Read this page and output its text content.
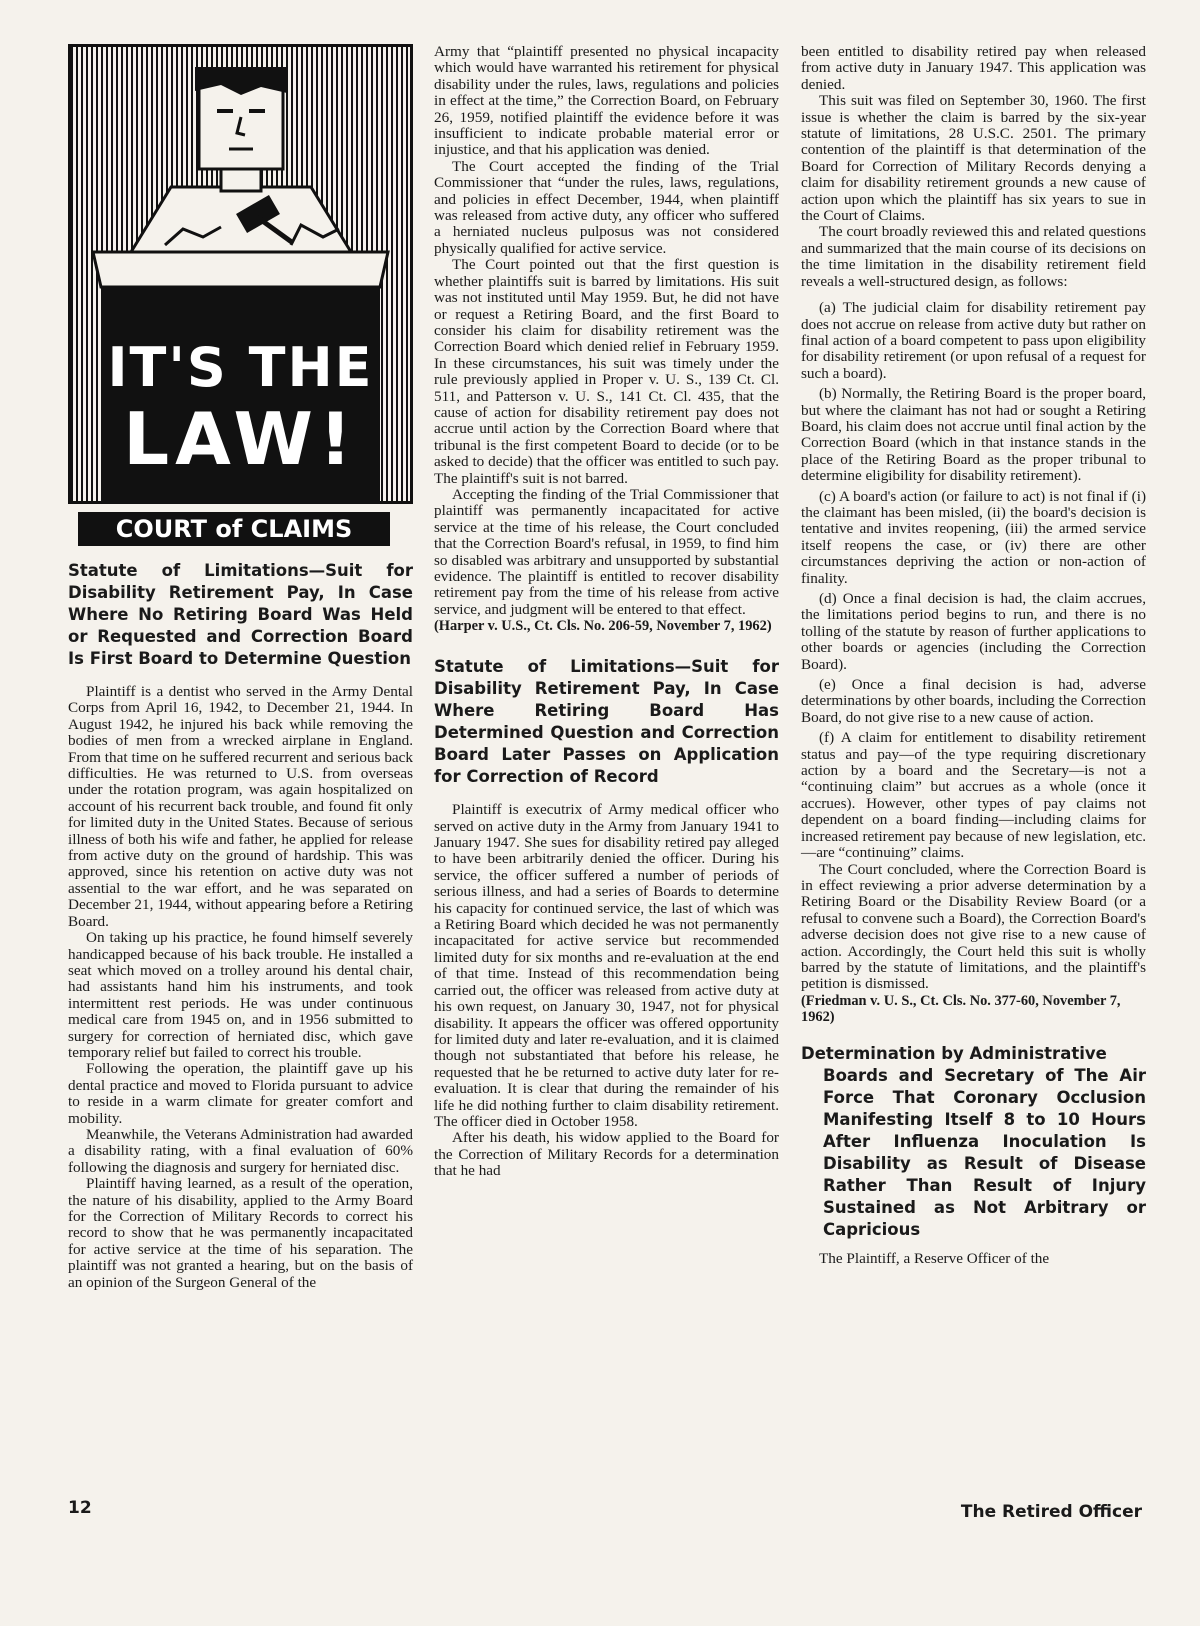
IT'S THE
LAW!
COURT of CLAIMS

Statute of Limitations—Suit for Disability Retirement Pay, In Case Where No Retiring Board Was Held or Requested and Correction Board Is First Board to Determine Question

Plaintiff is a dentist who served in the Army Dental Corps from April 16, 1942, to December 21, 1944. In August 1942, he injured his back while removing the bodies of men from a wrecked airplane in England. From that time on he suffered recurrent and serious back difficulties. He was returned to U.S. from overseas under the rotation program, was again hospitalized on account of his recurrent back trouble, and found fit only for limited duty in the United States. Because of serious illness of both his wife and father, he applied for release from active duty on the ground of hardship. This was approved, since his retention on active duty was not assential to the war effort, and he was separated on December 21, 1944, without appearing before a Retiring Board.

On taking up his practice, he found himself severely handicapped because of his back trouble. He installed a seat which moved on a trolley around his dental chair, had assistants hand him his instruments, and took intermittent rest periods. He was under continuous medical care from 1945 on, and in 1956 submitted to surgery for correction of herniated disc, which gave temporary relief but failed to correct his trouble.

Following the operation, the plaintiff gave up his dental practice and moved to Florida pursuant to advice to reside in a warm climate for greater comfort and mobility.

Meanwhile, the Veterans Administration had awarded a disability rating, with a final evaluation of 60% following the diagnosis and surgery for herniated disc.

Plaintiff having learned, as a result of the operation, the nature of his disability, applied to the Army Board for the Correction of Military Records to correct his record to show that he was permanently incapacitated for active service at the time of his separation. The plaintiff was not granted a hearing, but on the basis of an opinion of the Surgeon General of the

Army that “plaintiff presented no physical incapacity which would have warranted his retirement for physical disability under the rules, laws, regulations and policies in effect at the time,” the Correction Board, on February 26, 1959, notified plaintiff the evidence before it was insufficient to indicate probable material error or injustice, and that his application was denied.

The Court accepted the finding of the Trial Commissioner that “under the rules, laws, regulations, and policies in effect December, 1944, when plaintiff was released from active duty, any officer who suffered a herniated nucleus pulposus was not considered physically qualified for active service.

The Court pointed out that the first question is whether plaintiffs suit is barred by limitations. His suit was not instituted until May 1959. But, he did not have or request a Retiring Board, and the first Board to consider his claim for disability retirement was the Correction Board which denied relief in February 1959. In these circumstances, his suit was timely under the rule previously applied in Proper v. U. S., 139 Ct. Cl. 511, and Patterson v. U. S., 141 Ct. Cl. 435, that the cause of action for disability retirement pay does not accrue until action by the Correction Board where that tribunal is the first competent Board to decide (or to be asked to decide) that the officer was entitled to such pay. The plaintiff's suit is not barred.

Accepting the finding of the Trial Commissioner that plaintiff was permanently incapacitated for active service at the time of his release, the Court concluded that the Correction Board's refusal, in 1959, to find him so disabled was arbitrary and unsupported by substantial evidence. The plaintiff is entitled to recover disability retirement pay from the time of his release from active service, and judgment will be entered to that effect.

(Harper v. U.S., Ct. Cls. No. 206-59, November 7, 1962)

Statute of Limitations—Suit for Disability Retirement Pay, In Case Where Retiring Board Has Determined Question and Correction Board Later Passes on Application for Correction of Record

Plaintiff is executrix of Army medical officer who served on active duty in the Army from January 1941 to January 1947. She sues for disability retired pay alleged to have been arbitrarily denied the officer. During his service, the officer suffered a number of periods of serious illness, and had a series of Boards to determine his capacity for continued service, the last of which was a Retiring Board which decided he was not permanently incapacitated for active service but recommended limited duty for six months and re-evaluation at the end of that time. Instead of this recommendation being carried out, the officer was released from active duty at his own request, on January 30, 1947, not for physical disability. It appears the officer was offered opportunity for limited duty and later re-evaluation, and it is claimed though not substantiated that before his release, he requested that he be returned to active duty later for re-evaluation. It is clear that during the remainder of his life he did nothing further to claim disability retirement. The officer died in October 1958.

After his death, his widow applied to the Board for the Correction of Military Records for a determination that he had

been entitled to disability retired pay when released from active duty in January 1947. This application was denied.

This suit was filed on September 30, 1960. The first issue is whether the claim is barred by the six-year statute of limitations, 28 U.S.C. 2501. The primary contention of the plaintiff is that determination of the Board for Correction of Military Records denying a claim for disability retirement grounds a new cause of action upon which the plaintiff has six years to sue in the Court of Claims.

The court broadly reviewed this and related questions and summarized that the main course of its decisions on the time limitation in the disability retirement field reveals a well-structured design, as follows:

(a) The judicial claim for disability retirement pay does not accrue on release from active duty but rather on final action of a board competent to pass upon eligibility for disability retirement (or upon refusal of a request for such a board).

(b) Normally, the Retiring Board is the proper board, but where the claimant has not had or sought a Retiring Board, his claim does not accrue until final action by the Correction Board (which in that instance stands in the place of the Retiring Board as the proper tribunal to determine eligibility for disability retirement).

(c) A board's action (or failure to act) is not final if (i) the claimant has been misled, (ii) the board's decision is tentative and invites reopening, (iii) the armed service itself reopens the case, or (iv) there are other circumstances depriving the action or non-action of finality.

(d) Once a final decision is had, the claim accrues, the limitations period begins to run, and there is no tolling of the statute by reason of further applications to other boards or agencies (including the Correction Board).

(e) Once a final decision is had, adverse determinations by other boards, including the Correction Board, do not give rise to a new cause of action.

(f) A claim for entitlement to disability retirement status and pay—of the type requiring discretionary action by a board and the Secretary—is not a “continuing claim” but accrues as a whole (once it accrues). However, other types of pay claims not dependent on a board finding—including claims for increased retirement pay because of new legislation, etc.—are “continuing” claims.

The Court concluded, where the Correction Board is in effect reviewing a prior adverse determination by a Retiring Board or the Disability Review Board (or a refusal to convene such a Board), the Correction Board's adverse decision does not give rise to a new cause of action. Accordingly, the Court held this suit is wholly barred by the statute of limitations, and the plaintiff's petition is dismissed.

(Friedman v. U. S., Ct. Cls. No. 377-60, November 7, 1962)

Determination by Administrative
Boards and Secretary of The Air Force That Coronary Occlusion Manifesting Itself 8 to 10 Hours After Influenza Inoculation Is Disability as Result of Disease Rather Than Result of Injury Sustained as Not Arbitrary or Capricious

The Plaintiff, a Reserve Officer of the

12	The Retired Officer
